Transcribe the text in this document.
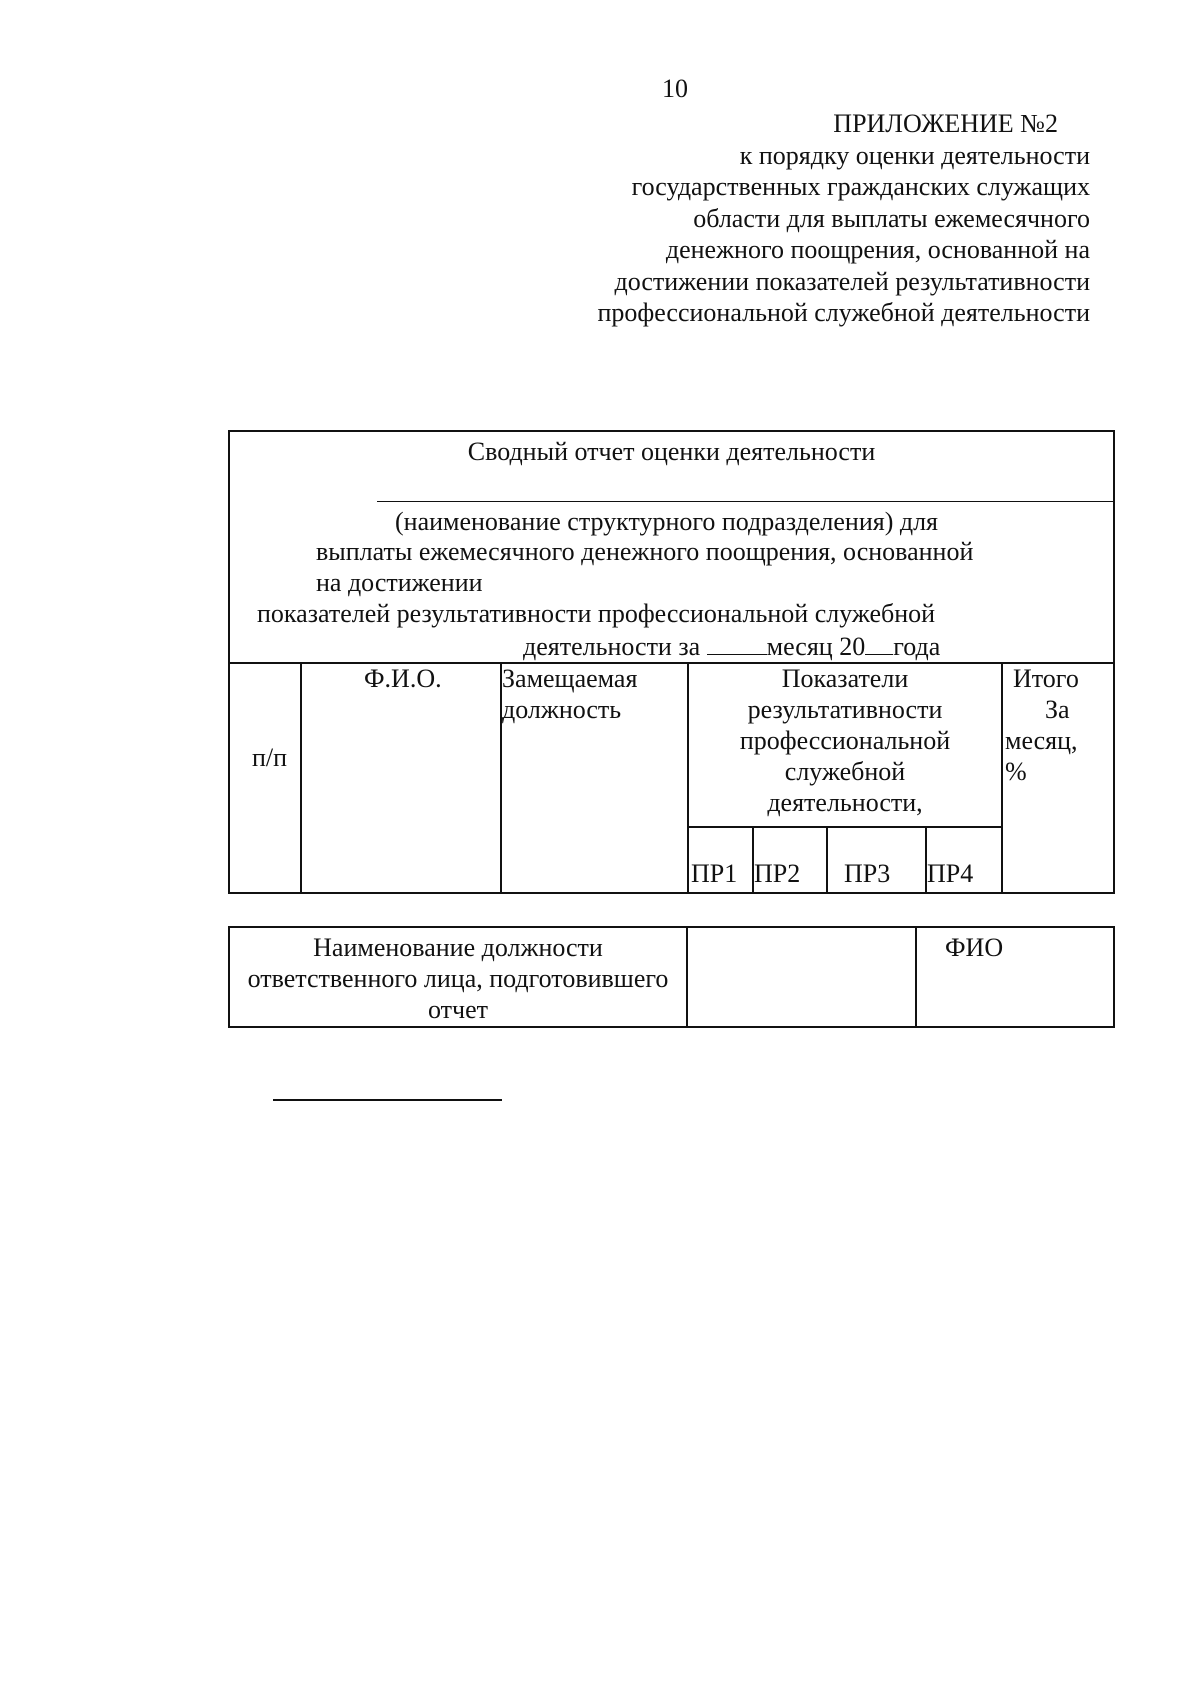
10
ПРИЛОЖЕНИЕ №2
к порядку оценки деятельности
государственных гражданских служащих
области для выплаты ежемесячного
денежного поощрения, основанной на
достижении показателей результативности
профессиональной служебной деятельности
Сводный отчет оценки деятельности
(наименование структурного подразделения) для
выплаты ежемесячного денежного поощрения, основанной
на достижении
показателей результативности профессиональной служебной
деятельности за	месяц 20 года
п/п
Ф.И.О. Замещаемая
должность
Показатели
результативности
профессиональной
служебной
деятельности,
ПР1 ПР2 ПР3 ПР4
Итого
За
месяц,
%
Наименование должности
ответственного лица, подготовившего
отчет
ФИО
